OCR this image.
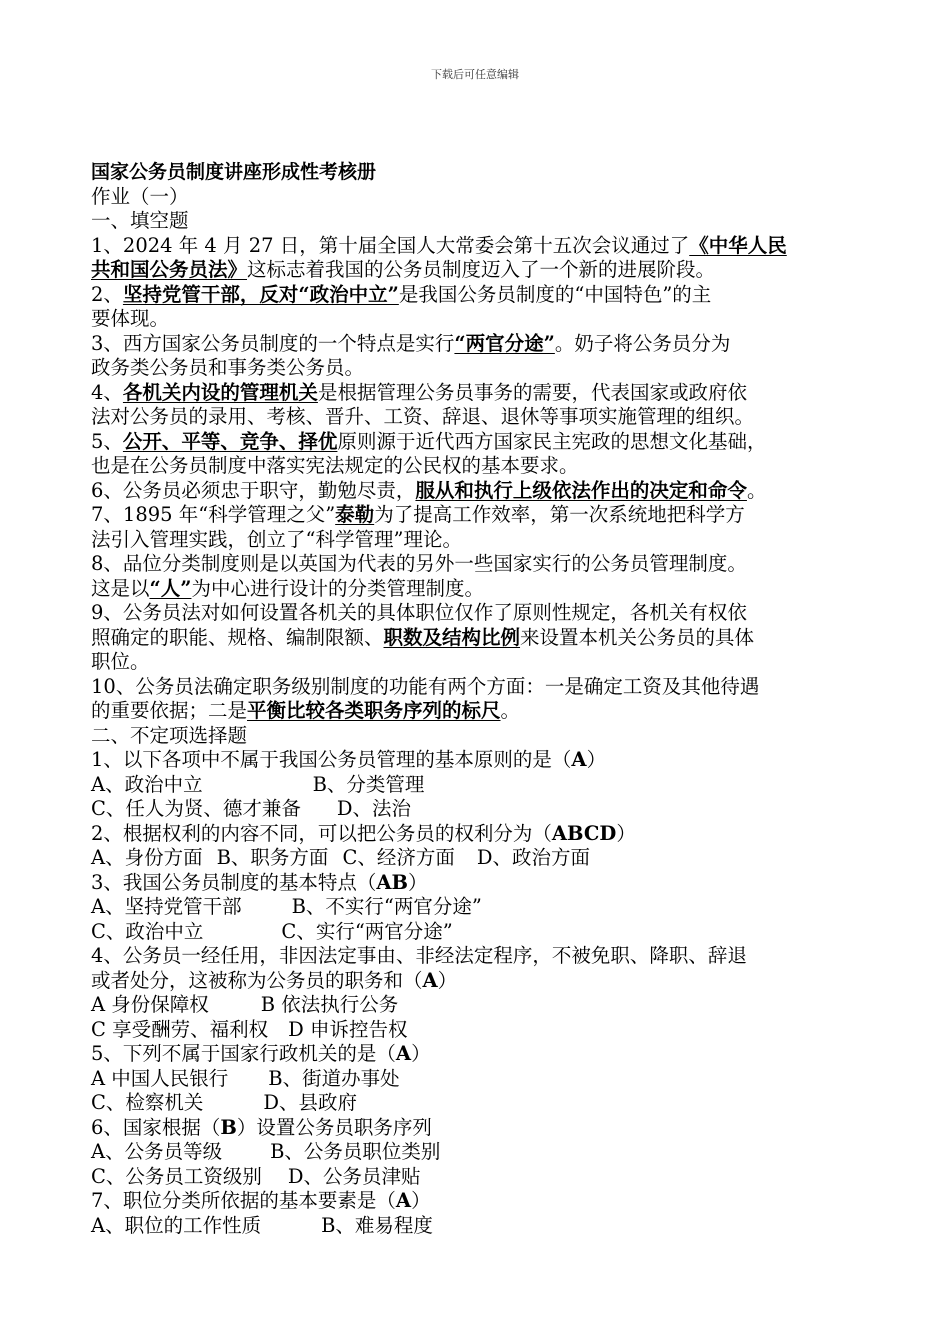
下载后可任意编辑
国家公务员制度讲座形成性考核册
作业（一）
一、填空题
1、2024 年 4 月 27 日，第十届全国人大常委会第十五次会议通过了《中华人民
共和国公务员法》这标志着我国的公务员制度迈入了一个新的进展阶段。
2、坚持党管干部，反对“政治中立”是我国公务员制度的“中国特色”的主
要体现。
3、西方国家公务员制度的一个特点是实行“两官分途”。奶子将公务员分为
政务类公务员和事务类公务员。
4、各机关内设的管理机关是根据管理公务员事务的需要，代表国家或政府依
法对公务员的录用、考核、晋升、工资、辞退、退休等事项实施管理的组织。
5、公开、平等、竞争、择优原则源于近代西方国家民主宪政的思想文化基础，
也是在公务员制度中落实宪法规定的公民权的基本要求。
6、公务员必须忠于职守，勤勉尽责，服从和执行上级依法作出的决定和命令。
7、1895 年“科学管理之父”泰勒为了提高工作效率，第一次系统地把科学方
法引入管理实践，创立了“科学管理”理论。
8、品位分类制度则是以英国为代表的另外一些国家实行的公务员管理制度。
这是以“人”为中心进行设计的分类管理制度。
9、公务员法对如何设置各机关的具体职位仅作了原则性规定，各机关有权依
照确定的职能、规格、编制限额、职数及结构比例来设置本机关公务员的具体
职位。
10、公务员法确定职务级别制度的功能有两个方面：一是确定工资及其他待遇
的重要依据；二是平衡比较各类职务序列的标尺。
二、不定项选择题
1、以下各项中不属于我国公务员管理的基本原则的是（A）
A、政治中立	B、分类管理
C、任人为贤、德才兼备 D、法治
2、根据权利的内容不同，可以把公务员的权利分为（ABCD）
A、身份方面 B、职务方面 C、经济方面 D、政治方面
3、我国公务员制度的基本特点（AB）
A、坚持党管干部	B、不实行“两官分途”
C、政治中立	C、实行“两官分途”
4、公务员一经任用，非因法定事由、非经法定程序，不被免职、降职、辞退
或者处分，这被称为公务员的职务和（A）
A 身份保障权	B 依法执行公务
C 享受酬劳、福利权 D 申诉控告权
5、下列不属于国家行政机关的是（A）
A 中国人民银行 B、街道办事处
C、检察机关	D、县政府
6、国家根据（B）设置公务员职务序列
A、公务员等级 B、公务员职位类别
C、公务员工资级别 D、公务员津贴
7、职位分类所依据的基本要素是（A）
A、职位的工作性质	B、难易程度
